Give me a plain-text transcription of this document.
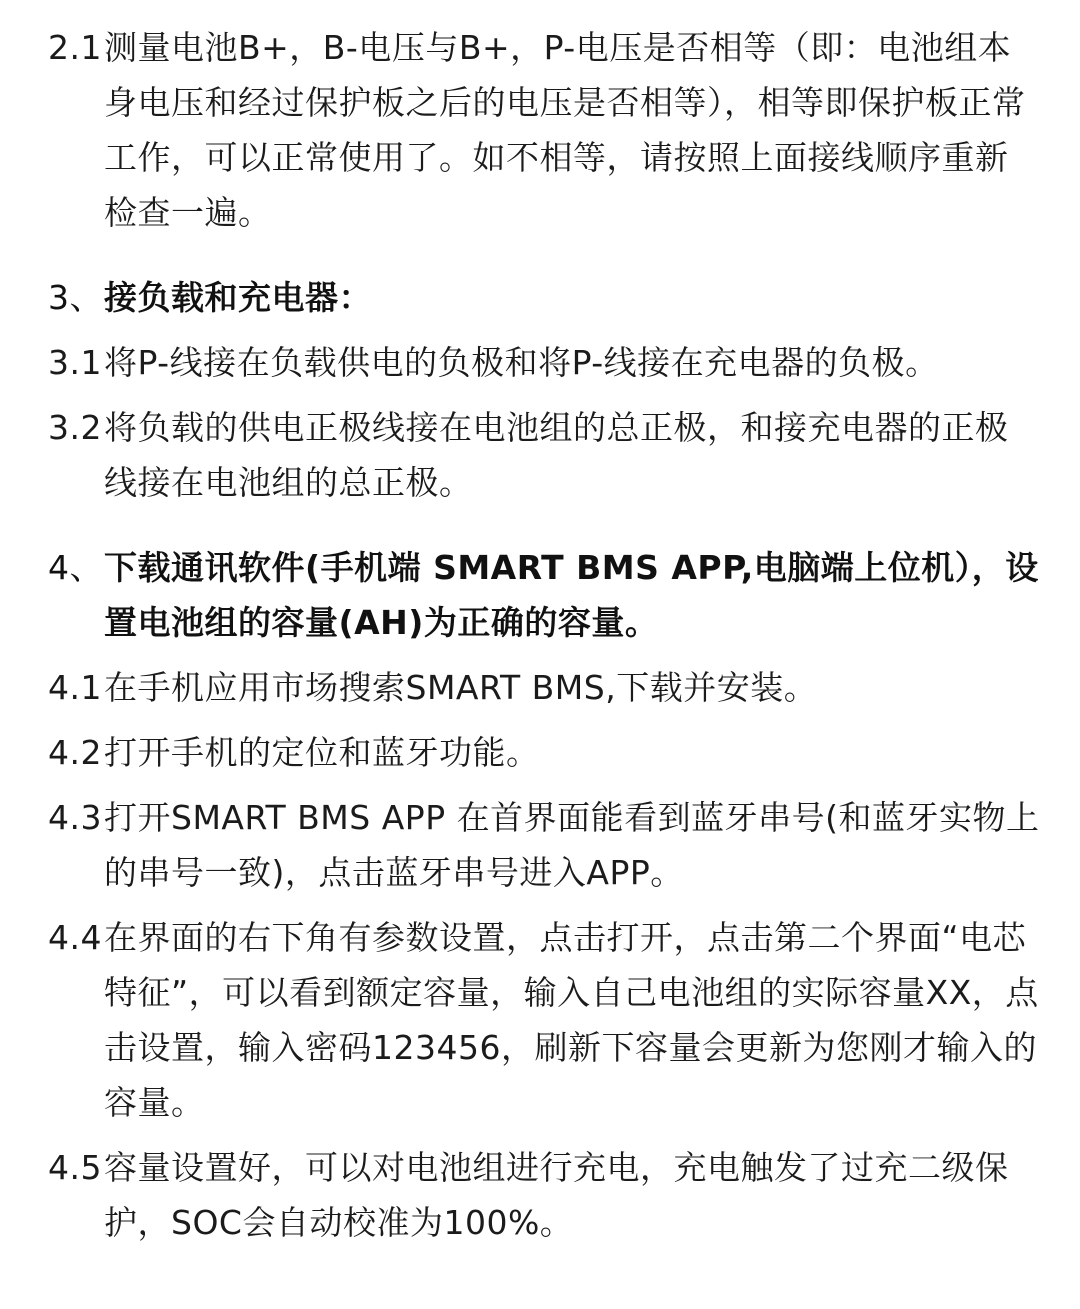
2.1 测量电池B+，B-电压与B+，P-电压是否相等（即：电池组本身电压和经过保护板之后的电压是否相等），相等即保护板正常工作，可以正常使用了。如不相等，请按照上面接线顺序重新检查一遍。
3、 接负载和充电器：
3.1 将P-线接在负载供电的负极和将P-线接在充电器的负极。
3.2 将负载的供电正极线接在电池组的总正极，和接充电器的正极线接在电池组的总正极。
4、 下载通讯软件(手机端 SMART BMS APP,电脑端上位机），设置电池组的容量(AH)为正确的容量。
4.1 在手机应用市场搜索SMART BMS,下载并安装。
4.2 打开手机的定位和蓝牙功能。
4.3 打开SMART BMS APP 在首界面能看到蓝牙串号(和蓝牙实物上的串号一致)，点击蓝牙串号进入APP。
4.4 在界面的右下角有参数设置，点击打开，点击第二个界面“电芯特征”，可以看到额定容量，输入自己电池组的实际容量XX，点击设置，输入密码123456，刷新下容量会更新为您刚才输入的容量。
4.5 容量设置好，可以对电池组进行充电，充电触发了过充二级保护，SOC会自动校准为100%。
